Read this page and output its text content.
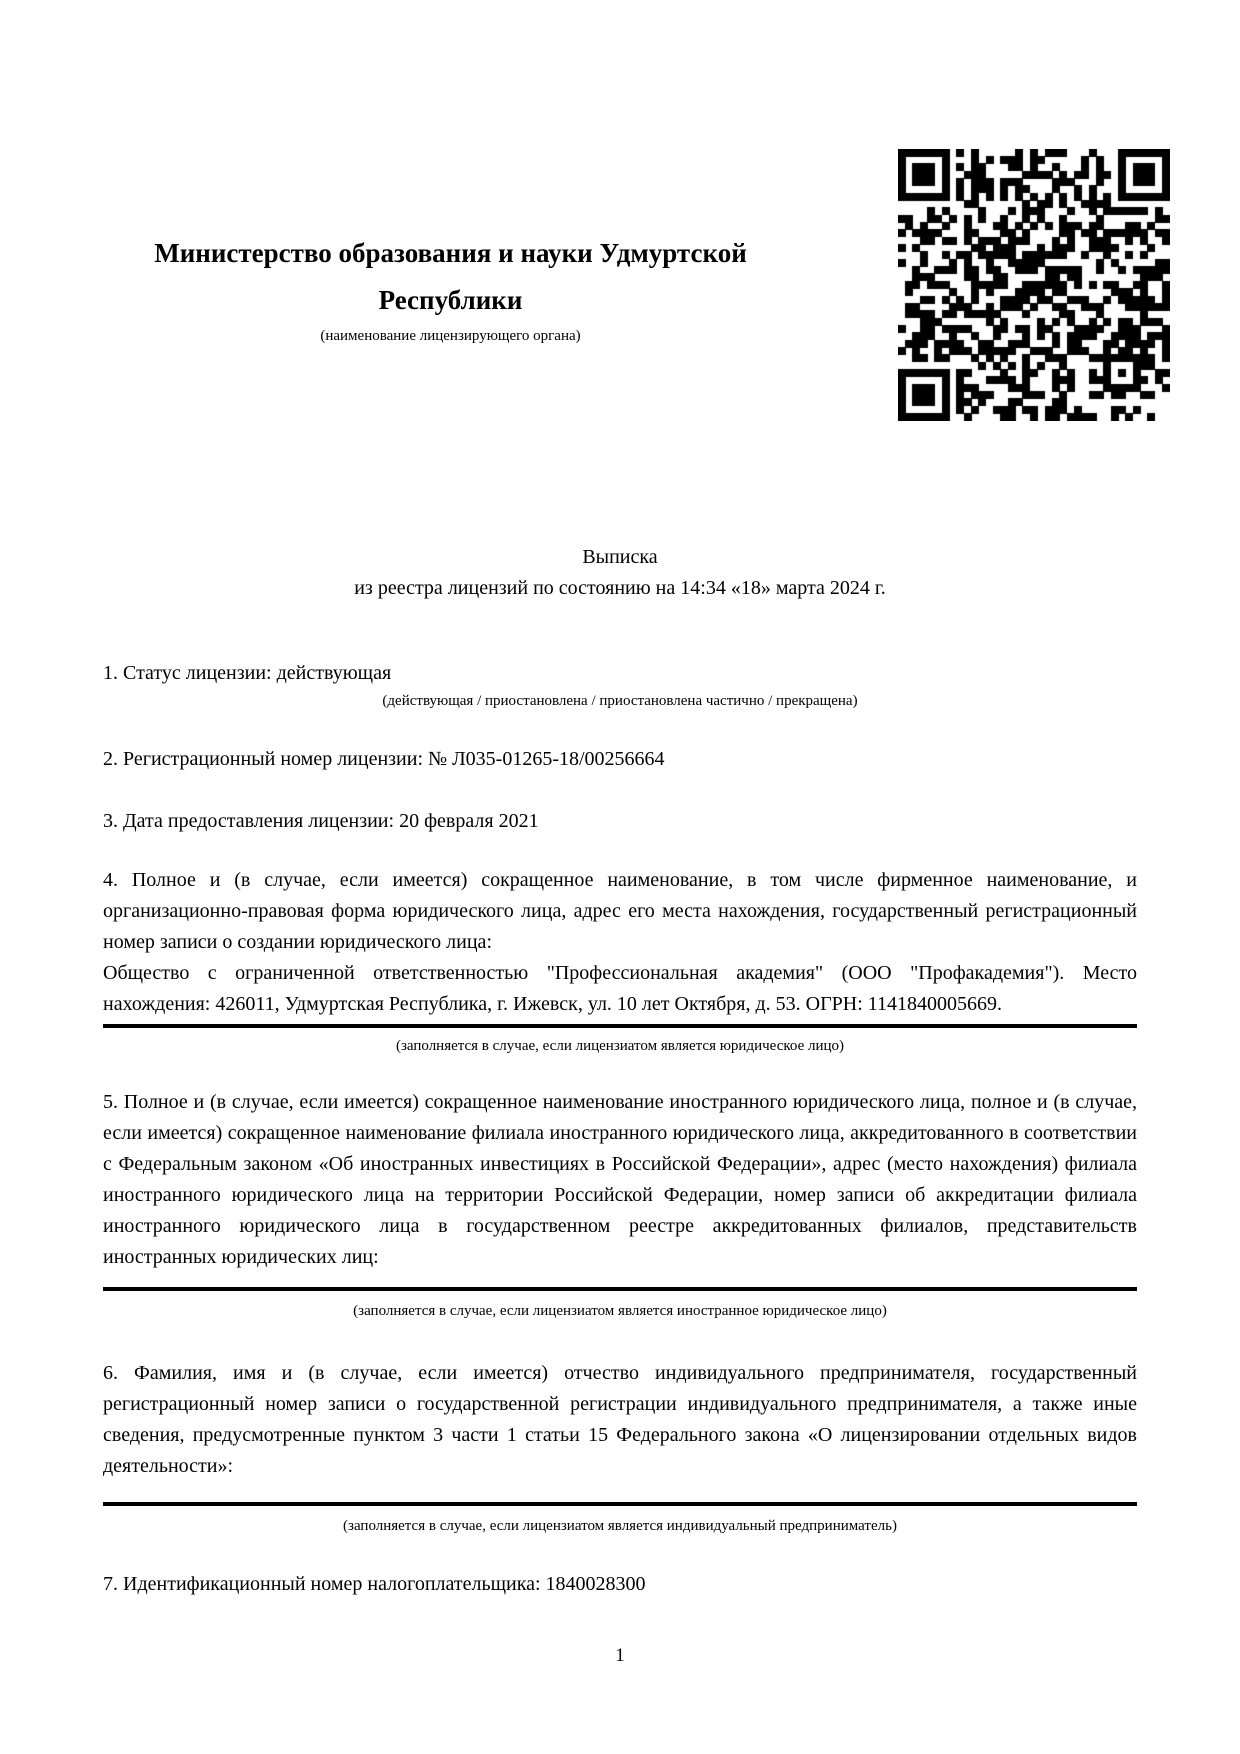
Министерство образования и науки Удмуртской Республики
(наименование лицензирующего органа)
Выписка
из реестра лицензий по состоянию на 14:34 «18» марта 2024 г.

1. Статус лицензии: действующая

(действующая / приостановлена / приостановлена частично / прекращена)

2. Регистрационный номер лицензии: № Л035-01265-18/00256664

3. Дата предоставления лицензии: 20 февраля 2021

4. Полное и (в случае, если имеется) сокращенное наименование, в том числе фирменное наименование, и организационно-правовая форма юридического лица, адрес его места нахождения, государственный регистрационный номер записи о создании юридического лица:

Общество с ограниченной ответственностью "Профессиональная академия" (ООО "Профакадемия"). Место нахождения: 426011, Удмуртская Республика, г. Ижевск, ул. 10 лет Октября, д. 53. ОГРН: 1141840005669.

(заполняется в случае, если лицензиатом является юридическое лицо)

5. Полное и (в случае, если имеется) сокращенное наименование иностранного юридического лица, полное и (в случае, если имеется) сокращенное наименование филиала иностранного юридического лица, аккредитованного в соответствии с Федеральным законом «Об иностранных инвестициях в Российской Федерации», адрес (место нахождения) филиала иностранного юридического лица на территории Российской Федерации, номер записи об аккредитации филиала иностранного юридического лица в государственном реестре аккредитованных филиалов, представительств иностранных юридических лиц:

(заполняется в случае, если лицензиатом является иностранное юридическое лицо)

6. Фамилия, имя и (в случае, если имеется) отчество индивидуального предпринимателя, государственный регистрационный номер записи о государственной регистрации индивидуального предпринимателя, а также иные сведения, предусмотренные пунктом 3 части 1 статьи 15 Федерального закона «О лицензировании отдельных видов деятельности»:

(заполняется в случае, если лицензиатом является индивидуальный предприниматель)

7. Идентификационный номер налогоплательщика: 1840028300

1
